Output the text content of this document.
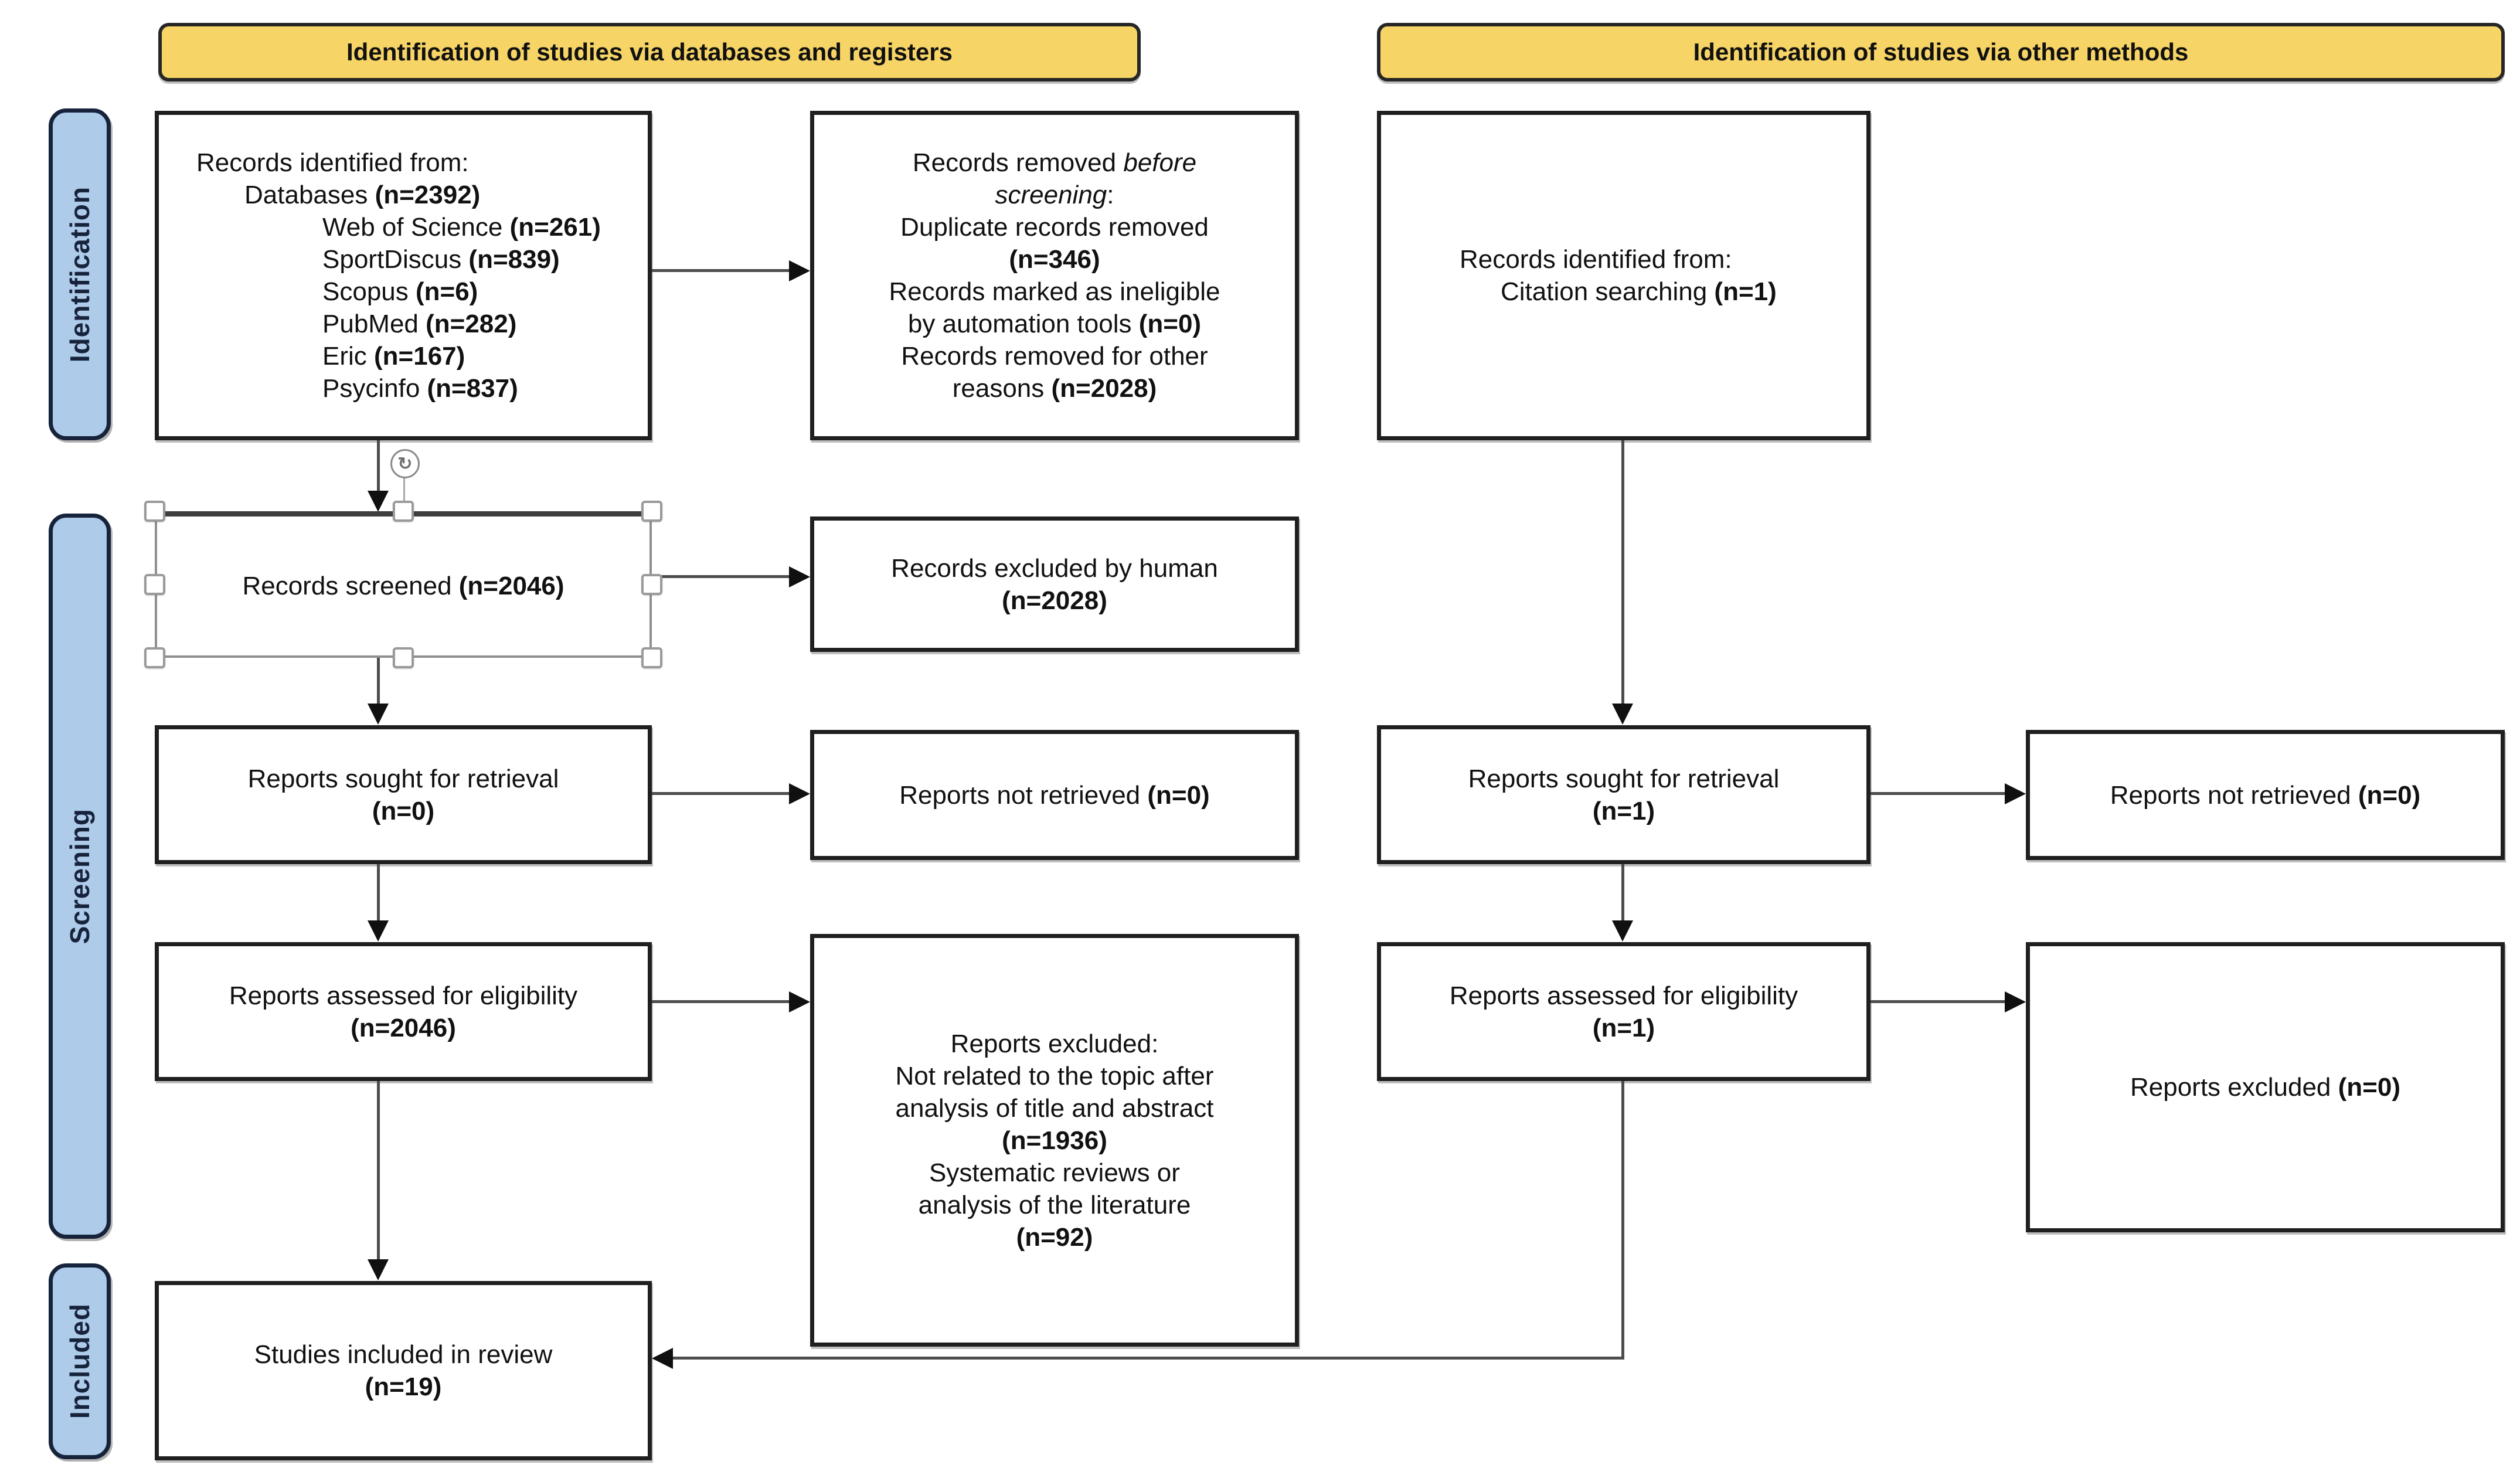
Identification of studies via databases and registers	Identification of studies via other methods
Identification
Screening
Included
Records identified from:
Databases (n=2392)
Web of Science (n=261)
SportDiscus (n=839)
Scopus (n=6)
PubMed (n=282)
Eric (n=167)
Psycinfo (n=837)
Records removed before
screening:
Duplicate records removed
(n=346)
Records marked as ineligible
by automation tools (n=0)
Records removed for other
reasons (n=2028)
Records identified from:
Citation searching (n=1)
Records screened (n=2046)
Records excluded by human
(n=2028)
Reports sought for retrieval
(n=0)
Reports not retrieved (n=0)
Reports assessed for eligibility
(n=2046)
Reports excluded:
Not related to the topic after
analysis of title and abstract
(n=1936)
Systematic reviews or
analysis of the literature
(n=92)
Studies included in review
(n=19)
Reports sought for retrieval
(n=1)
Reports not retrieved (n=0)
Reports assessed for eligibility
(n=1)
Reports excluded (n=0)
↻
